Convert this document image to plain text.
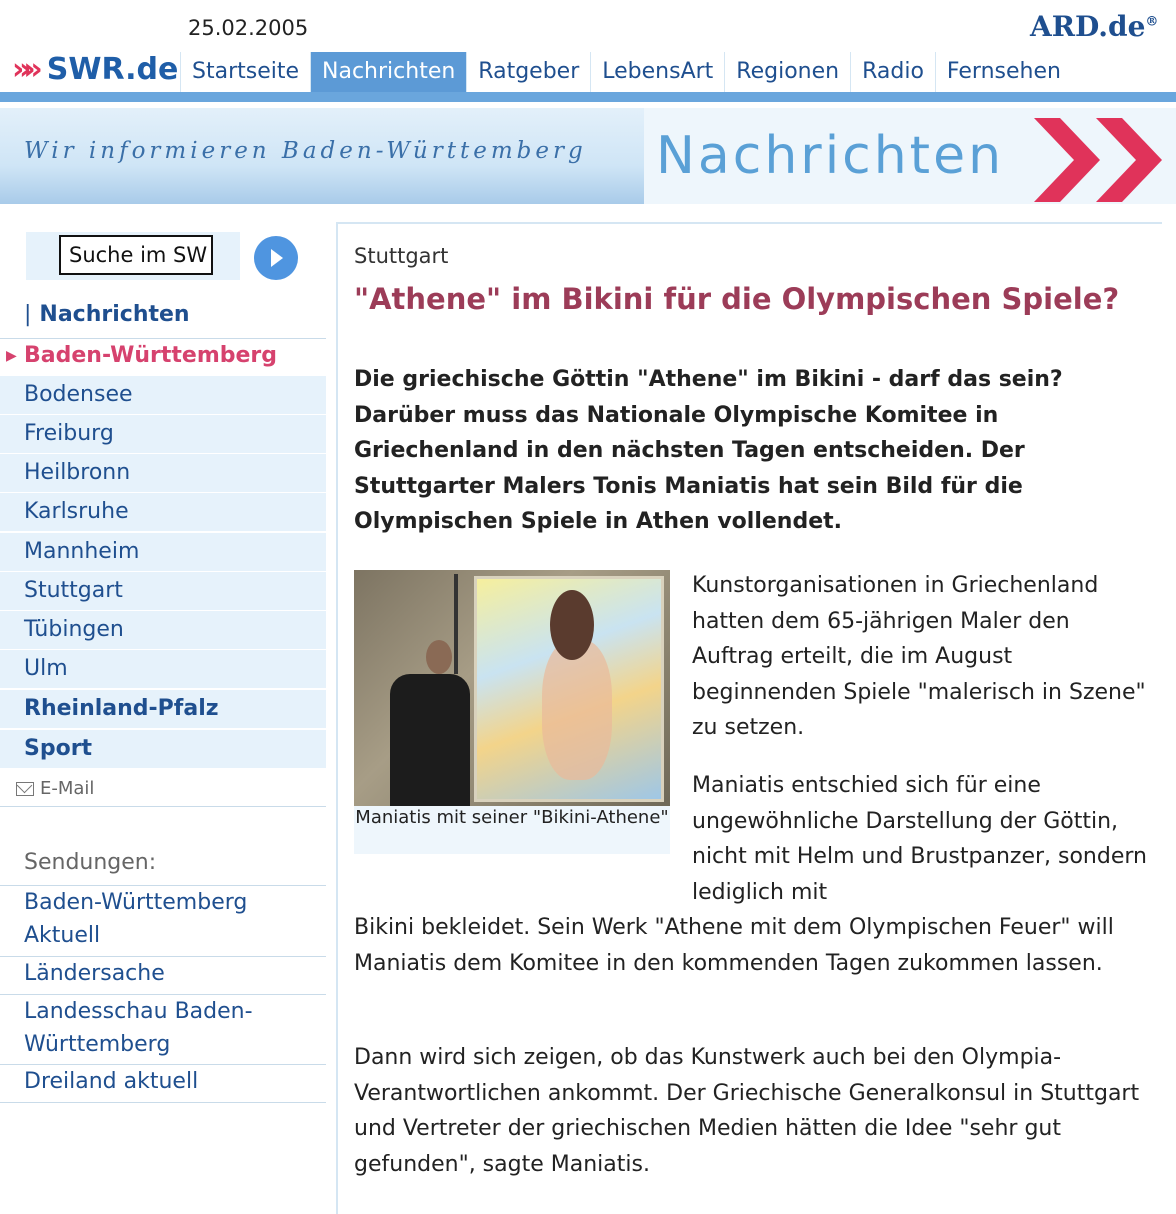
25.02.2005	ARD.de®
»» SWR.de Startseite	Nachrichten	Ratgeber	LebensArt	Regionen	Radio	Fernsehen
Wir informieren Baden-Württemberg Nachrichten
Suche im SWR
| Nachrichten
▶ Baden-Württemberg
Bodensee
Freiburg
Heilbronn
Karlsruhe
Mannheim
Stuttgart
Tübingen
Ulm
Rheinland-Pfalz
Sport
E-Mail
Sendungen:
Baden-Württemberg Aktuell
Ländersache
Landesschau Baden-Württemberg
Dreiland aktuell
Stuttgart
"Athene" im Bikini für die Olympischen Spiele?
Die griechische Göttin "Athene" im Bikini - darf das sein? Darüber muss das Nationale Olympische Komitee in Griechenland in den nächsten Tagen entscheiden. Der Stuttgarter Malers Tonis Maniatis hat sein Bild für die Olympischen Spiele in Athen vollendet.
Maniatis mit seiner "Bikini-Athene"
Kunstorganisationen in Griechenland hatten dem 65-jährigen Maler den Auftrag erteilt, die im August beginnenden Spiele "malerisch in Szene" zu setzen.
Maniatis entschied sich für eine ungewöhnliche Darstellung der Göttin, nicht mit Helm und Brustpanzer, sondern lediglich mit
Bikini bekleidet. Sein Werk "Athene mit dem Olympischen Feuer" will Maniatis dem Komitee in den kommenden Tagen zukommen lassen.
Dann wird sich zeigen, ob das Kunstwerk auch bei den Olympia-Verantwortlichen ankommt. Der Griechische Generalkonsul in Stuttgart und Vertreter der griechischen Medien hätten die Idee "sehr gut gefunden", sagte Maniatis.
